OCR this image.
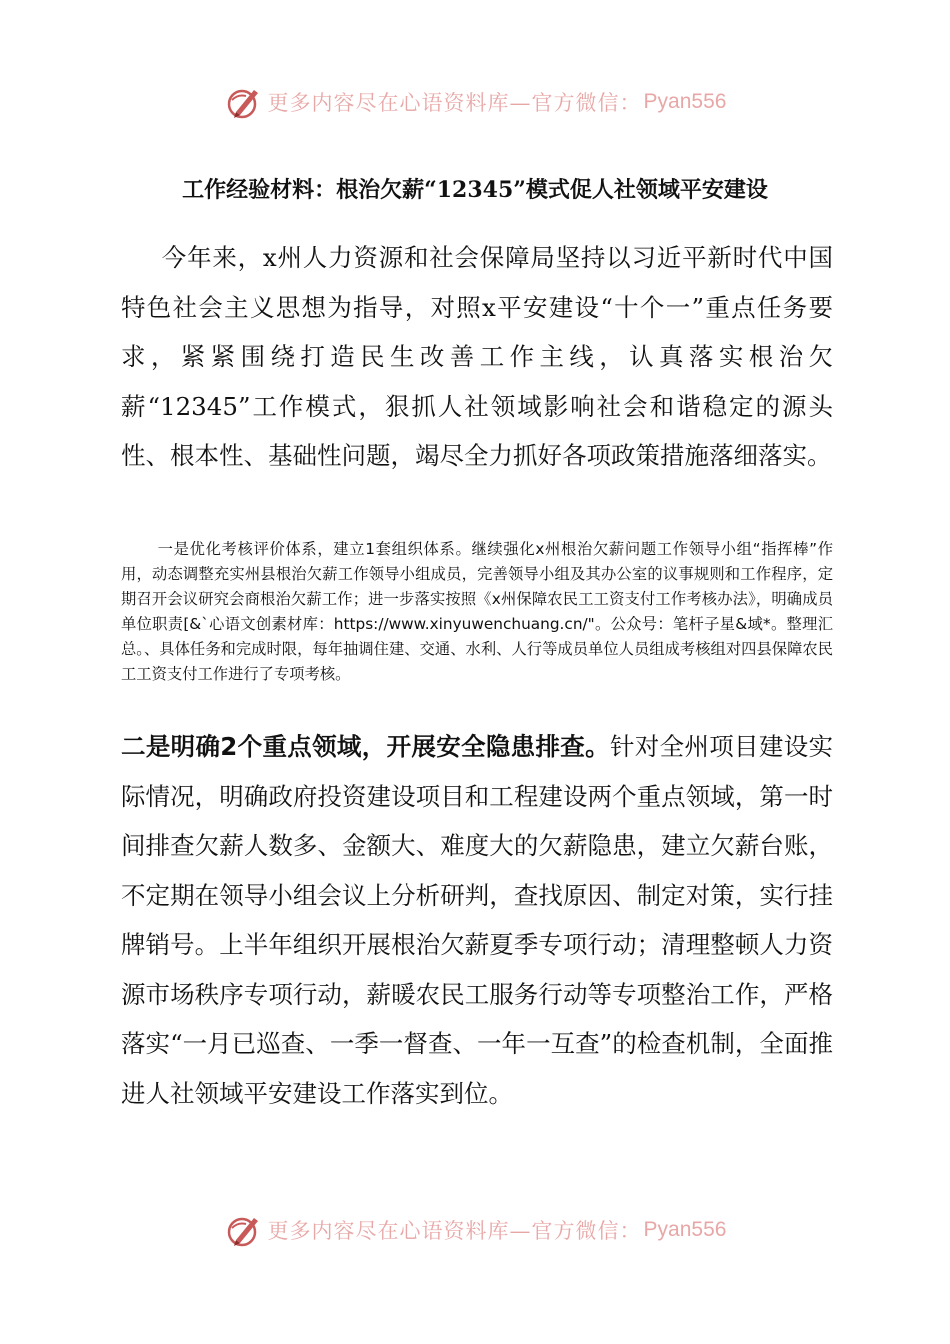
更多内容尽在心语资料库—官方微信： Pyan556
工作经验材料：根治欠薪“12345”模式促人社领域平安建设

今年来，x州人力资源和社会保障局坚持以习近平新时代中国特色社会主义思想为指导，对照x平安建设“十个一”重点任务要求，紧紧围绕打造民生改善工作主线，认真落实根治欠薪“12345”工作模式，狠抓人社领域影响社会和谐稳定的源头性、根本性、基础性问题，竭尽全力抓好各项政策措施落细落实。

一是优化考核评价体系，建立1套组织体系。继续强化x州根治欠薪问题工作领导小组“指挥棒”作用，动态调整充实州县根治欠薪工作领导小组成员，完善领导小组及其办公室的议事规则和工作程序，定期召开会议研究会商根治欠薪工作；进一步落实按照《x州保障农民工工资支付工作考核办法》，明确成员单位职责[&`心语文创素材库：https://www.xinyuwenchuang.cn/"。公众号：笔杆子星&域*。整理汇总。、具体任务和完成时限，每年抽调住建、交通、水利、人行等成员单位人员组成考核组对四县保障农民工工资支付工作进行了专项考核。

二是明确2个重点领域，开展安全隐患排查。针对全州项目建设实际情况，明确政府投资建设项目和工程建设两个重点领域，第一时间排查欠薪人数多、金额大、难度大的欠薪隐患，建立欠薪台账，不定期在领导小组会议上分析研判，查找原因、制定对策，实行挂牌销号。上半年组织开展根治欠薪夏季专项行动；清理整顿人力资源市场秩序专项行动，薪暖农民工服务行动等专项整治工作，严格落实“一月已巡查、一季一督查、一年一互查”的检查机制，全面推进人社领域平安建设工作落实到位。

更多内容尽在心语资料库—官方微信： Pyan556
